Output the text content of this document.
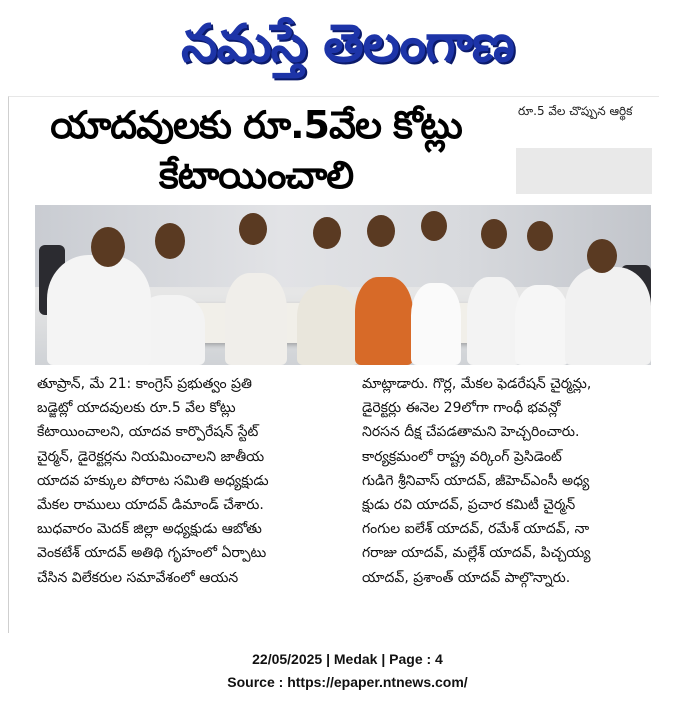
నమస్తే తెలంగాణ
యాదవులకు రూ.5వేల కోట్లు
కేటాయించాలి
రూ.5 వేల చొప్పున ఆర్థిక
తూప్రాన్, మే 21: కాంగ్రెస్ ప్రభుత్వం ప్రతి
బడ్జెట్లో యాదవులకు రూ.5 వేల కోట్లు
కేటాయించాలని, యాదవ కార్పొరేషన్ స్టేట్
చైర్మన్, డైరెక్టర్లను నియమించాలని జాతీయ
యాదవ హక్కుల పోరాట సమితి అధ్యక్షుడు
మేకల రాములు యాదవ్ డిమాండ్ చేశారు.
బుధవారం మెదక్ జిల్లా అధ్యక్షుడు ఆబోతు
వెంకటేశ్ యాదవ్ అతిథి గృహంలో ఏర్పాటు
చేసిన విలేకరుల సమావేశంలో ఆయన
మాట్లాడారు. గొర్ల, మేకల ఫెడరేషన్ చైర్మన్లు,
డైరెక్టర్లు ఈనెల 29లోగా గాంధీ భవన్లో
నిరసన దీక్ష చేపడతామని హెచ్చరించారు.
కార్యక్రమంలో రాష్ట్ర వర్కింగ్ ప్రెసిడెంట్
గుడిగె శ్రీనివాస్ యాదవ్, జీహెచ్ఎంసీ అధ్య
క్షుడు రవి యాదవ్, ప్రచార కమిటీ చైర్మన్
గంగుల ఐలేశ్ యాదవ్, రమేశ్ యాదవ్, నా
గరాజు యాదవ్, మల్లేశ్ యాదవ్, పిచ్చయ్య
యాదవ్, ప్రశాంత్ యాదవ్ పాల్గొన్నారు.
22/05/2025 | Medak | Page : 4
Source : https://epaper.ntnews.com/
